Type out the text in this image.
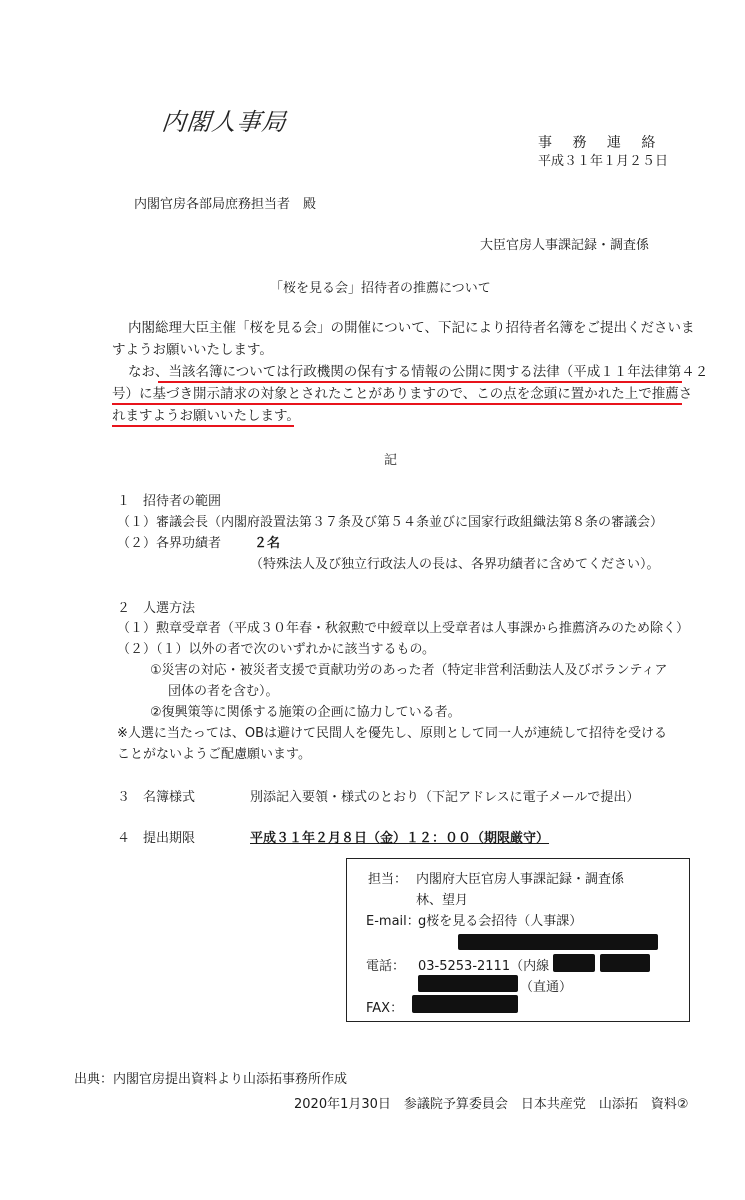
内閣人事局
事 務 連 絡
平成３１年１月２５日
内閣官房各部局庶務担当者　殿
大臣官房人事課記録・調査係
「桜を見る会」招待者の推薦について
内閣総理大臣主催「桜を見る会」の開催について、下記により招待者名簿をご提出くださいま
すようお願いいたします。
なお、当該名簿については行政機関の保有する情報の公開に関する法律（平成１１年法律第４２
号）に基づき開示請求の対象とされたことがありますので、この点を念頭に置かれた上で推薦さ
れますようお願いいたします。
記
１　招待者の範囲
（１）審議会長（内閣府設置法第３７条及び第５４条並びに国家行政組織法第８条の審議会）
（２）各界功績者	２名
（特殊法人及び独立行政法人の長は、各界功績者に含めてください）。
２　人選方法
（１）勲章受章者（平成３０年春・秋叙勲で中綬章以上受章者は人事課から推薦済みのため除く）
（２）（１）以外の者で次のいずれかに該当するもの。
①災害の対応・被災者支援で貢献功労のあった者（特定非営利活動法人及びボランティア
団体の者を含む）。
②復興策等に関係する施策の企画に協力している者。
※人選に当たっては、OBは避けて民間人を優先し、原則として同一人が連続して招待を受ける
ことがないようご配慮願います。
３　名簿様式	別添記入要領・様式のとおり（下記アドレスに電子メールで提出）
４　提出期限	平成３１年２月８日（金）１２：００（期限厳守）
担当： 内閣府大臣官房人事課記録・調査係
林、望月
E-mail：
g桜を見る会招待（人事課）
電話： 03-5253-2111（内線
（直通）
FAX：
出典：内閣官房提出資料より山添拓事務所作成
2020年1月30日　参議院予算委員会　日本共産党　山添拓　資料②
